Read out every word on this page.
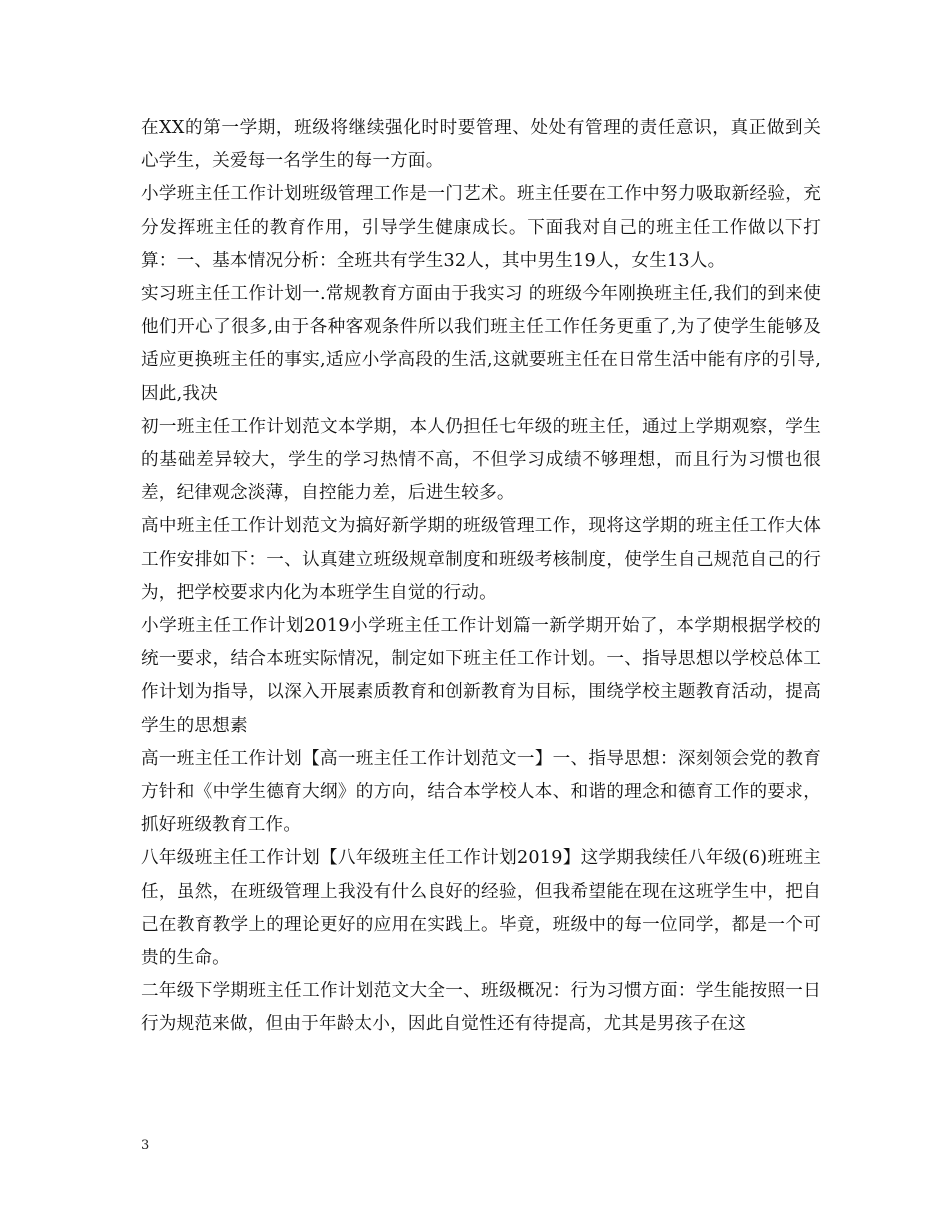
在XX的第一学期，班级将继续强化时时要管理、处处有管理的责任意识，真正做到关心学生，关爱每一名学生的每一方面。

小学班主任工作计划班级管理工作是一门艺术。班主任要在工作中努力吸取新经验，充分发挥班主任的教育作用，引导学生健康成长。下面我对自己的班主任工作做以下打算：一、基本情况分析：全班共有学生32人，其中男生19人，女生13人。

实习班主任工作计划一.常规教育方面由于我实习 的班级今年刚换班主任,我们的到来使他们开心了很多,由于各种客观条件所以我们班主任工作任务更重了,为了使学生能够及适应更换班主任的事实,适应小学高段的生活,这就要班主任在日常生活中能有序的引导,因此,我决

初一班主任工作计划范文本学期，本人仍担任七年级的班主任，通过上学期观察，学生的基础差异较大，学生的学习热情不高，不但学习成绩不够理想，而且行为习惯也很差，纪律观念淡薄，自控能力差，后进生较多。

高中班主任工作计划范文为搞好新学期的班级管理工作，现将这学期的班主任工作大体工作安排如下：一、认真建立班级规章制度和班级考核制度，使学生自己规范自己的行为，把学校要求内化为本班学生自觉的行动。

小学班主任工作计划2019小学班主任工作计划篇一新学期开始了，本学期根据学校的统一要求，结合本班实际情况，制定如下班主任工作计划。一、指导思想以学校总体工作计划为指导，以深入开展素质教育和创新教育为目标，围绕学校主题教育活动，提高学生的思想素

高一班主任工作计划【高一班主任工作计划范文一】一、指导思想：深刻领会党的教育方针和《中学生德育大纲》的方向，结合本学校人本、和谐的理念和德育工作的要求，抓好班级教育工作。

八年级班主任工作计划【八年级班主任工作计划2019】这学期我续任八年级(6)班班主任，虽然，在班级管理上我没有什么良好的经验，但我希望能在现在这班学生中，把自己在教育教学上的理论更好的应用在实践上。毕竟，班级中的每一位同学，都是一个可贵的生命。

二年级下学期班主任工作计划范文大全一、班级概况：行为习惯方面：学生能按照一日行为规范来做，但由于年龄太小，因此自觉性还有待提高，尤其是男孩子在这

3
